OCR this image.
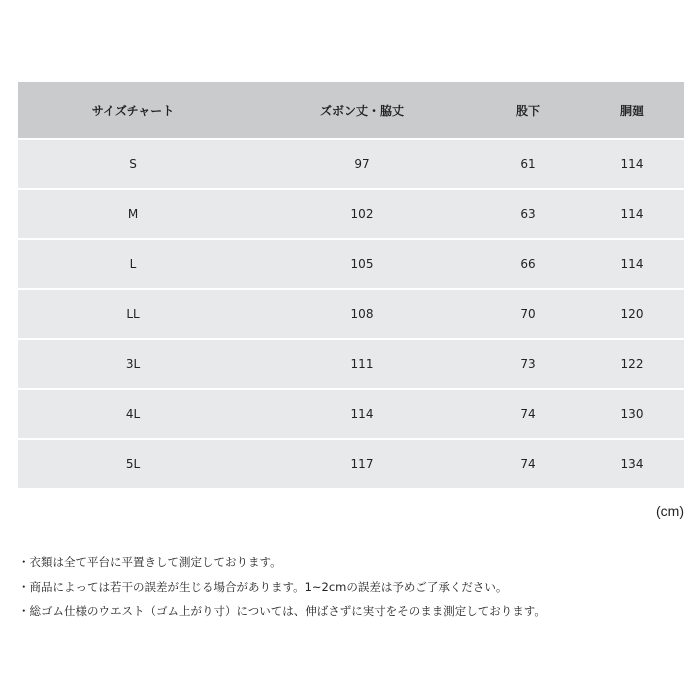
サイズチャート	ズボン丈・脇丈	股下	胴廻
S	97	61	114
M	102	63	114
L	105	66	114
LL	108	70	120
3L	111	73	122
4L	114	74	130
5L	117	74	134
(cm)
・衣類は全て平台に平置きして測定しております。
・商品によっては若干の誤差が生じる場合があります。1~2cmの誤差は予めご了承ください。
・総ゴム仕様のウエスト（ゴム上がり寸）については、伸ばさずに実寸をそのまま測定しております。
